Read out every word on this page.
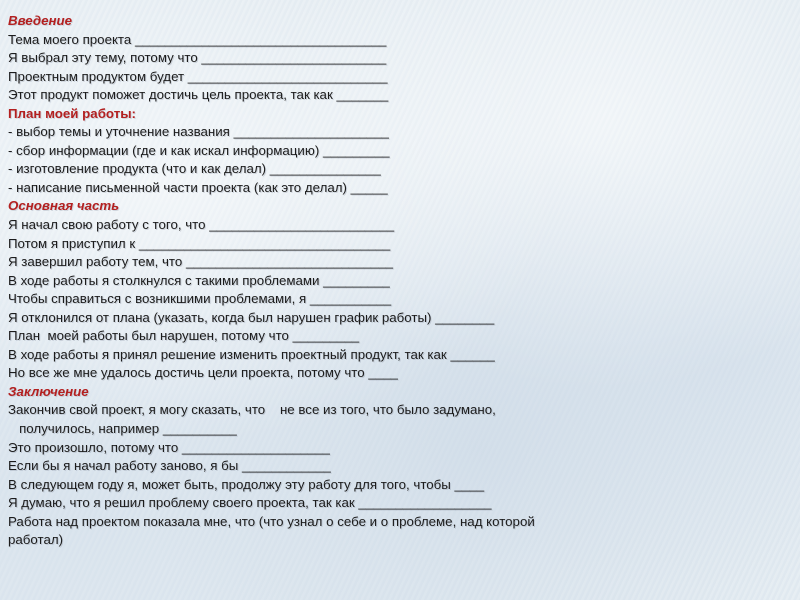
Введение
Тема моего проекта __________________________________
Я выбрал эту тему, потому что _________________________
Проектным продуктом будет ___________________________
Этот продукт поможет достичь цель проекта, так как _______
План моей работы:
- выбор темы и уточнение названия _____________________
- сбор информации (где и как искал информацию) _________
- изготовление продукта (что и как делал) _______________
- написание письменной части проекта (как это делал) _____
Основная часть
Я начал свою работу с того, что _________________________
Потом я приступил к __________________________________
Я завершил работу тем, что ____________________________
В ходе работы я столкнулся с такими проблемами _________
Чтобы справиться с возникшими проблемами, я ___________
Я отклонился от плана (указать, когда был нарушен график работы) ________
План  моей работы был нарушен, потому что _________
В ходе работы я принял решение изменить проектный продукт, так как ______
Но все же мне удалось достичь цели проекта, потому что ____
Заключение
Закончив свой проект, я могу сказать, что    не все из того, что было задумано,
получилось, например __________
Это произошло, потому что ____________________
Если бы я начал работу заново, я бы ____________
В следующем году я, может быть, продолжу эту работу для того, чтобы ____
Я думаю, что я решил проблему своего проекта, так как __________________
Работа над проектом показала мне, что (что узнал о себе и о проблеме, над которой
работал)
